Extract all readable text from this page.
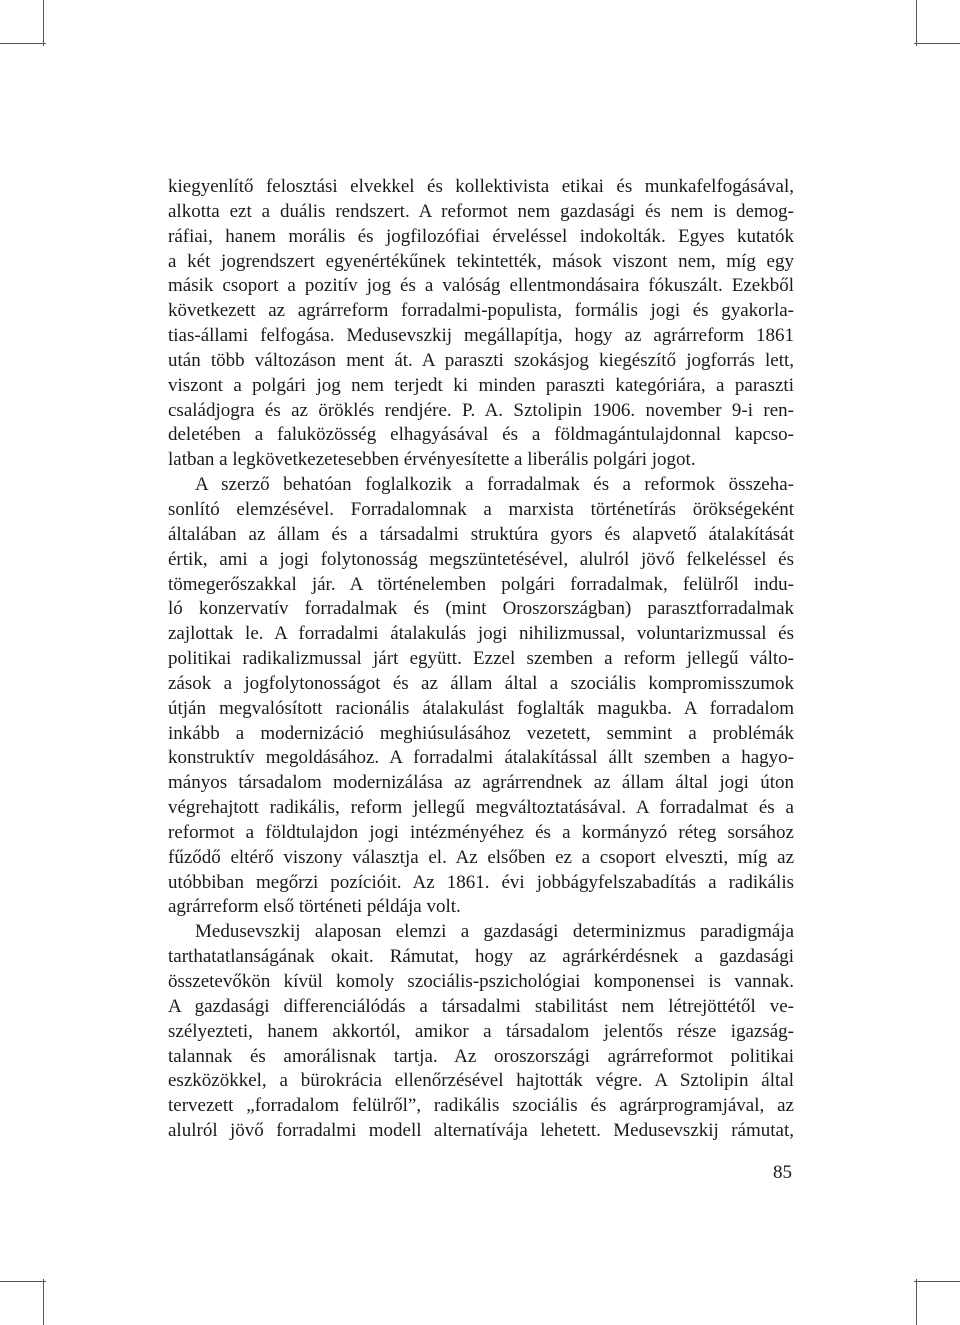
kiegyenlítő felosztási elvekkel és kollektivista etikai és munkafelfogásával,
alkotta ezt a duális rendszert. A reformot nem gazdasági és nem is demog-
ráfiai, hanem morális és jogfilozófiai érveléssel indokolták. Egyes kutatók
a két jogrendszert egyenértékűnek tekintették, mások viszont nem, míg egy
másik csoport a pozitív jog és a valóság ellentmondásaira fókuszált. Ezekből
következett az agrárreform forradalmi-populista, formális jogi és gyakorla-
tias-állami felfogása. Medusevszkij megállapítja, hogy az agrárreform 1861
után több változáson ment át. A paraszti szokásjog kiegészítő jogforrás lett,
viszont a polgári jog nem terjedt ki minden paraszti kategóriára, a paraszti
családjogra és az öröklés rendjére. P. A. Sztolipin 1906. november 9-i ren-
deletében a faluközösség elhagyásával és a földmagántulajdonnal kapcso-
latban a legkövetkezetesebben érvényesítette a liberális polgári jogot.
A szerző behatóan foglalkozik a forradalmak és a reformok összeha-
sonlító elemzésével. Forradalomnak a marxista történetírás örökségeként
általában az állam és a társadalmi struktúra gyors és alapvető átalakítását
értik, ami a jogi folytonosság megszüntetésével, alulról jövő felkeléssel és
tömegerőszakkal jár. A történelemben polgári forradalmak, felülről indu-
ló konzervatív forradalmak és (mint Oroszországban) parasztforradalmak
zajlottak le. A forradalmi átalakulás jogi nihilizmussal, voluntarizmussal és
politikai radikalizmussal járt együtt. Ezzel szemben a reform jellegű válto-
zások a jogfolytonosságot és az állam által a szociális kompromisszumok
útján megvalósított racionális átalakulást foglalták magukba. A forradalom
inkább a modernizáció meghiúsulásához vezetett, semmint a problémák
konstruktív megoldásához. A forradalmi átalakítással állt szemben a hagyo-
mányos társadalom modernizálása az agrárrendnek az állam által jogi úton
végrehajtott radikális, reform jellegű megváltoztatásával. A forradalmat és a
reformot a földtulajdon jogi intézményéhez és a kormányzó réteg sorsához
fűződő eltérő viszony választja el. Az elsőben ez a csoport elveszti, míg az
utóbbiban megőrzi pozícióit. Az 1861. évi jobbágyfelszabadítás a radikális
agrárreform első történeti példája volt.
Medusevszkij alaposan elemzi a gazdasági determinizmus paradigmája
tarthatatlanságának okait. Rámutat, hogy az agrárkérdésnek a gazdasági
összetevőkön kívül komoly szociális-pszichológiai komponensei is vannak.
A gazdasági differenciálódás a társadalmi stabilitást nem létrejöttétől ve-
szélyezteti, hanem akkortól, amikor a társadalom jelentős része igazság-
talannak és amorálisnak tartja. Az oroszországi agrárreformot politikai
eszközökkel, a bürokrácia ellenőrzésével hajtották végre. A Sztolipin által
tervezett „forradalom felülről”, radikális szociális és agrárprogramjával, az
alulról jövő forradalmi modell alternatívája lehetett. Medusevszkij rámutat,
85
